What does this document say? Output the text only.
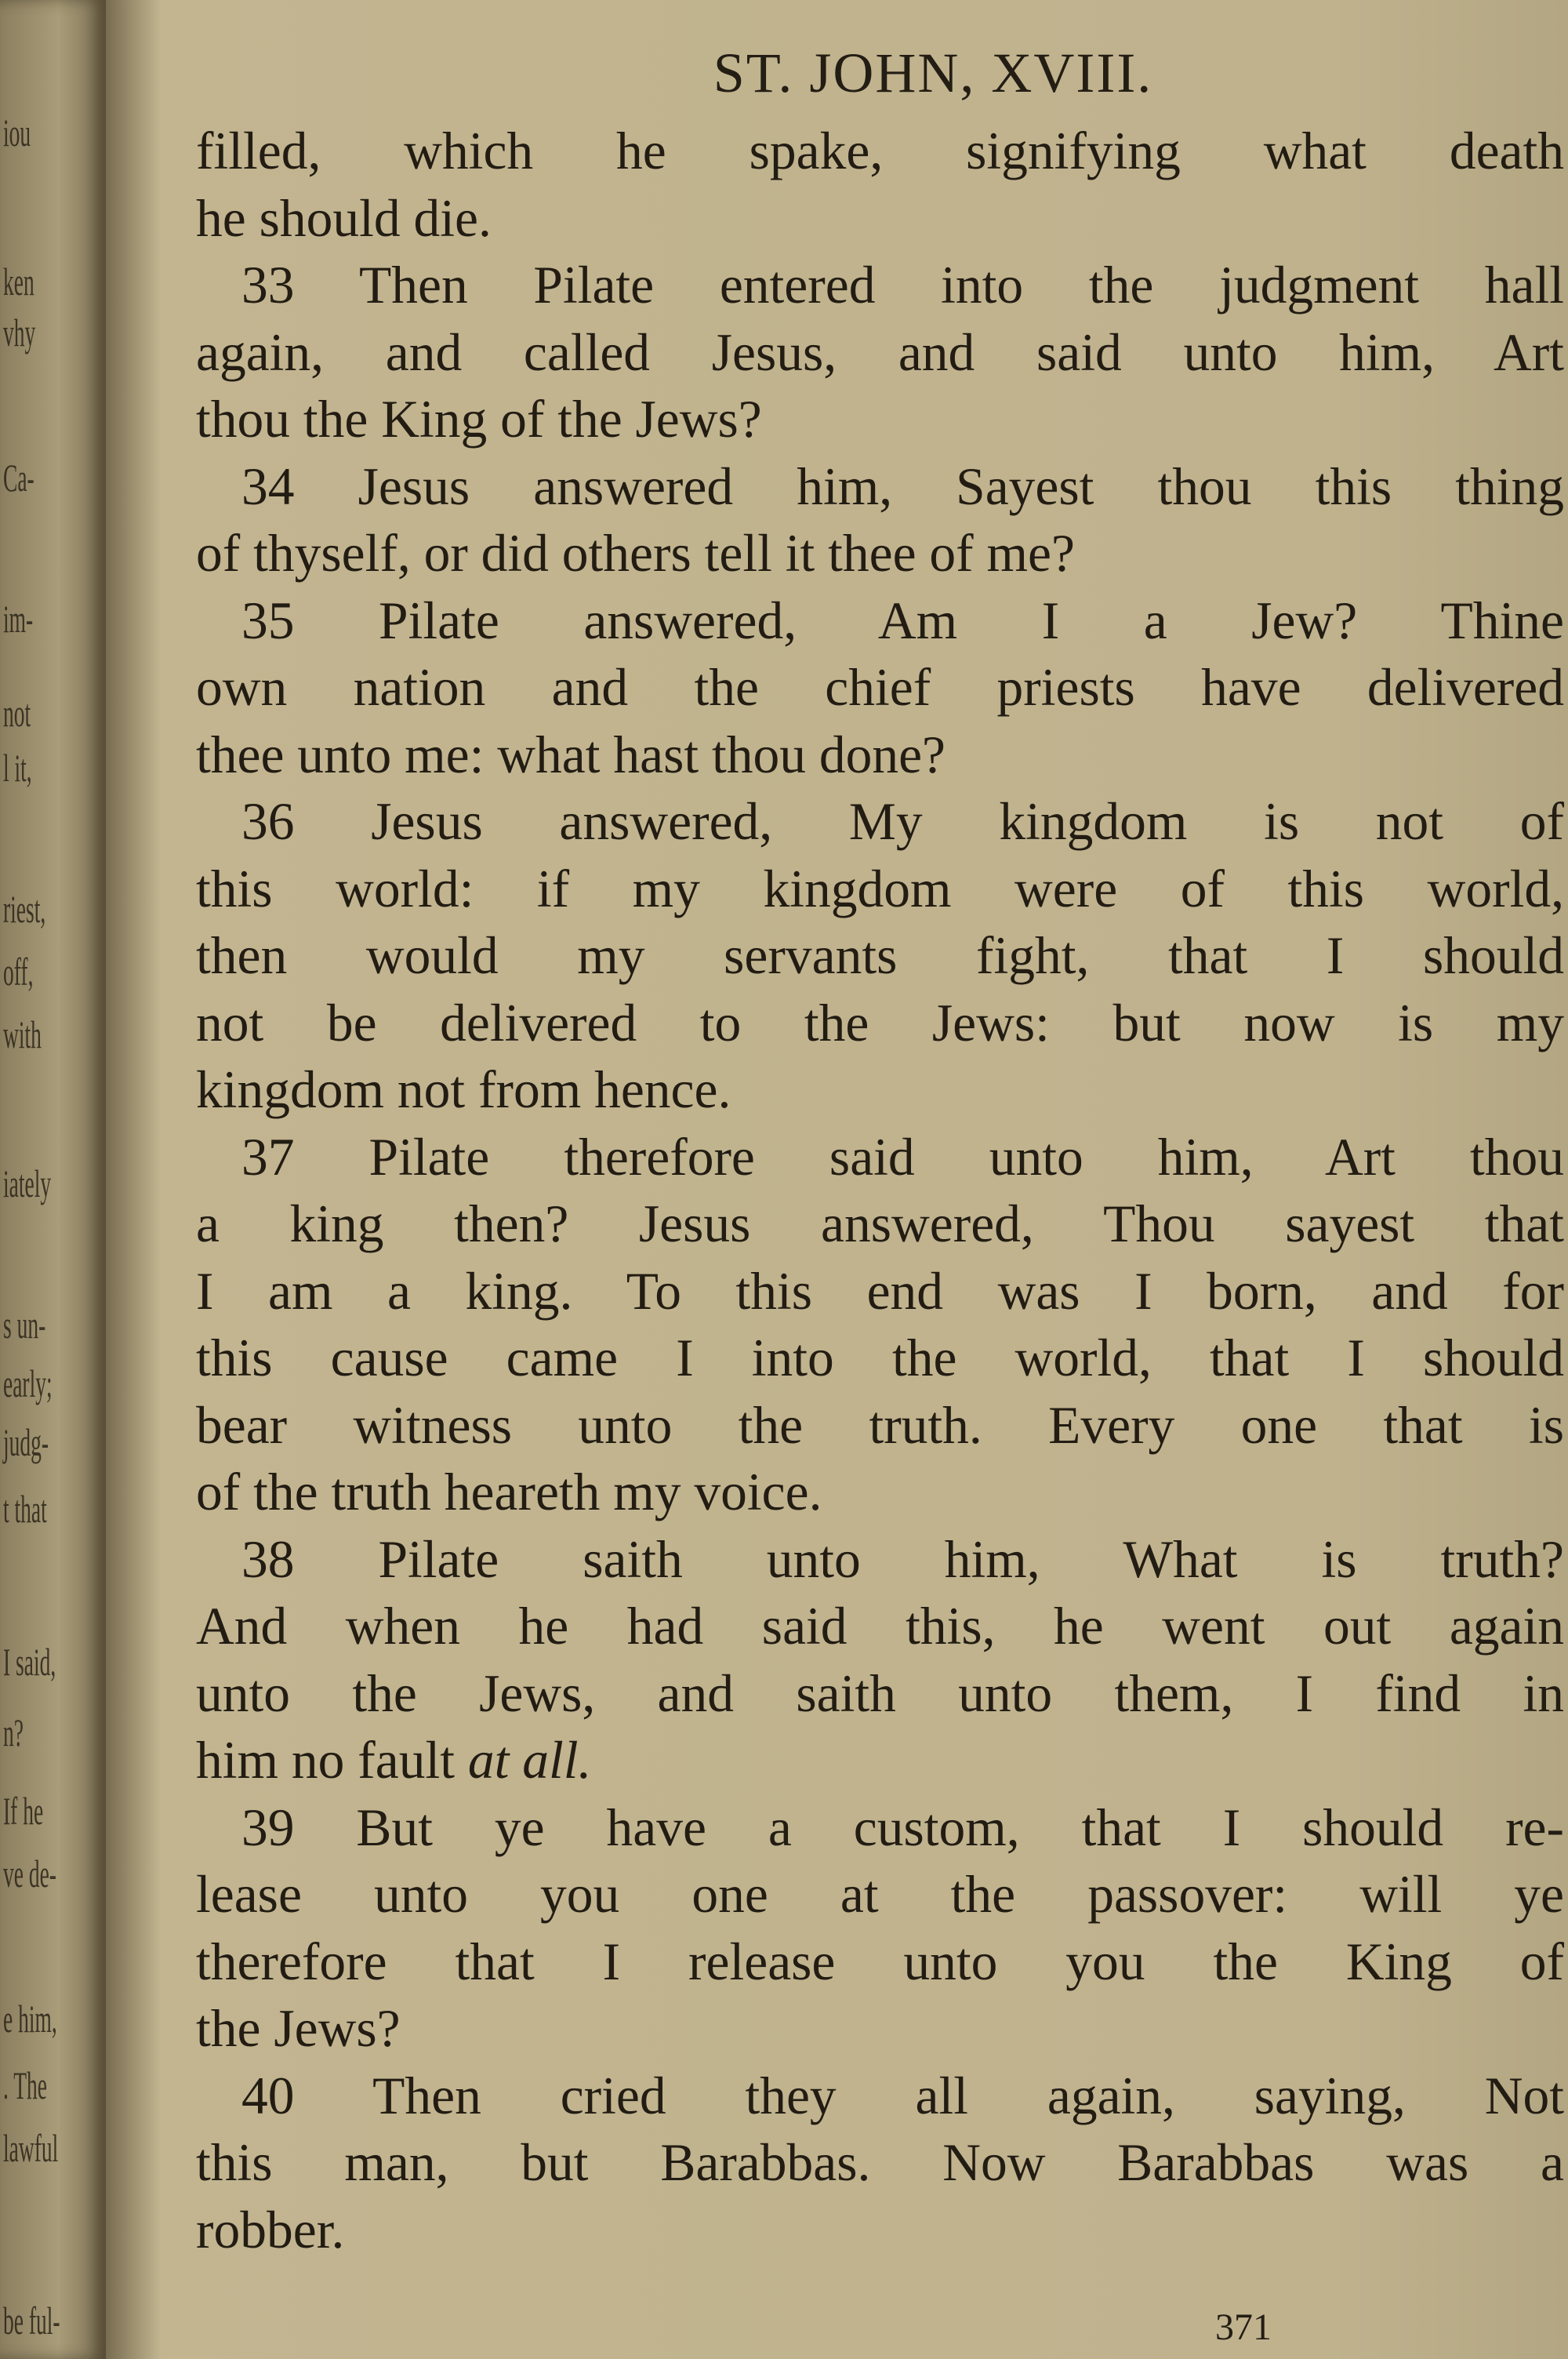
iou
ken
vhy
Ca-
im-
not
l it,
riest,
off,
with
iately
s un-
early;
judg-
t that
I said,
n?
If he
ve de-
e him,
. The
lawful
be ful-
ST. JOHN, XVIII.
filled, which he spake, signifying what death
he should die.
33 Then Pilate entered into the judgment hall
again, and called Jesus, and said unto him, Art
thou the King of the Jews?
34 Jesus answered him, Sayest thou this thing
of thyself, or did others tell it thee of me?
35 Pilate answered, Am I a Jew? Thine
own nation and the chief priests have delivered
thee unto me: what hast thou done?
36 Jesus answered, My kingdom is not of
this world: if my kingdom were of this world,
then would my servants fight, that I should
not be delivered to the Jews: but now is my
kingdom not from hence.
37 Pilate therefore said unto him, Art thou
a king then? Jesus answered, Thou sayest that
I am a king. To this end was I born, and for
this cause came I into the world, that I should
bear witness unto the truth. Every one that is
of the truth heareth my voice.
38 Pilate saith unto him, What is truth?
And when he had said this, he went out again
unto the Jews, and saith unto them, I find in
him no fault at all.
39 But ye have a custom, that I should re-
lease unto you one at the passover: will ye
therefore that I release unto you the King of
the Jews?
40 Then cried they all again, saying, Not
this man, but Barabbas. Now Barabbas was a
robber.
371
